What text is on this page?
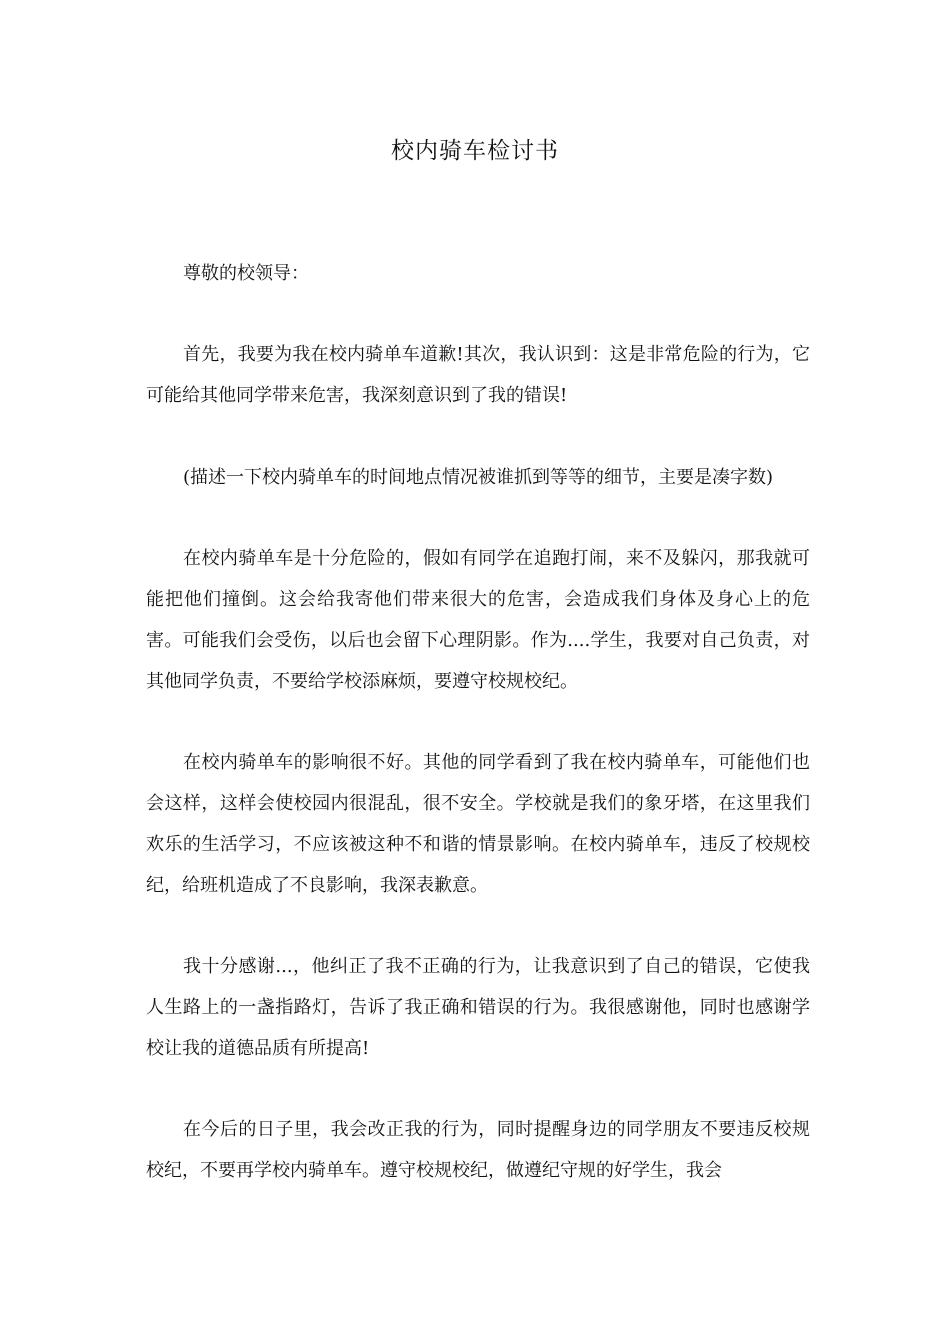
校内骑车检讨书

尊敬的校领导：

首先，我要为我在校内骑单车道歉!其次，我认识到：这是非常危险的行为，它可能给其他同学带来危害，我深刻意识到了我的错误!

(描述一下校内骑单车的时间地点情况被谁抓到等等的细节，主要是凑字数)

在校内骑单车是十分危险的，假如有同学在追跑打闹，来不及躲闪，那我就可能把他们撞倒。这会给我寄他们带来很大的危害，会造成我们身体及身心上的危害。可能我们会受伤，以后也会留下心理阴影。作为....学生，我要对自己负责，对其他同学负责，不要给学校添麻烦，要遵守校规校纪。

在校内骑单车的影响很不好。其他的同学看到了我在校内骑单车，可能他们也会这样，这样会使校园内很混乱，很不安全。学校就是我们的象牙塔，在这里我们欢乐的生活学习，不应该被这种不和谐的情景影响。在校内骑单车，违反了校规校纪，给班机造成了不良影响，我深表歉意。

我十分感谢...，他纠正了我不正确的行为，让我意识到了自己的错误，它使我人生路上的一盏指路灯，告诉了我正确和错误的行为。我很感谢他，同时也感谢学校让我的道德品质有所提高!

在今后的日子里，我会改正我的行为，同时提醒身边的同学朋友不要违反校规校纪，不要再学校内骑单车。遵守校规校纪，做遵纪守规的好学生，我会
